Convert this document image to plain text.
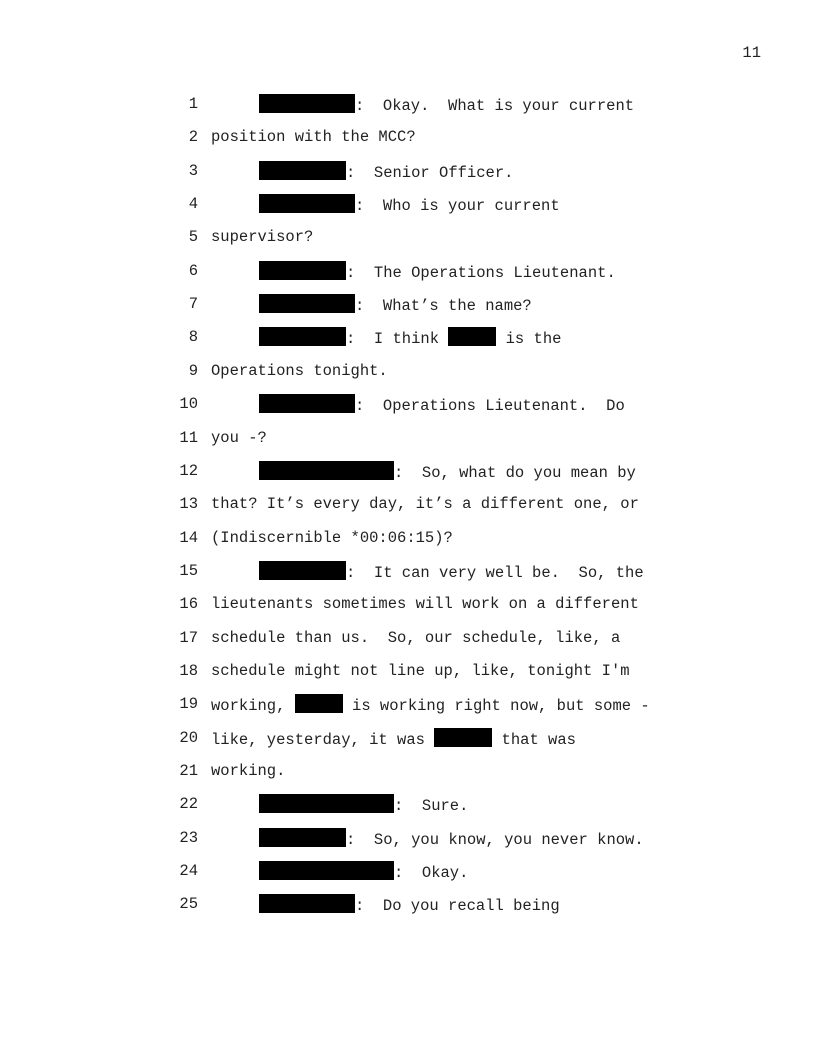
11
1	:  Okay.  What is your current
2 position with the MCC?
3	:  Senior Officer.
4	:  Who is your current
5 supervisor?
6	:  The Operations Lieutenant.
7	:  What’s the name?
8	:  I think	is the
9 Operations tonight.
10	:  Operations Lieutenant.  Do
11 you -?
12	:  So, what do you mean by
13 that? It’s every day, it’s a different one, or
14 (Indiscernible *00:06:15)?
15	:  It can very well be.  So, the
16 lieutenants sometimes will work on a different
17 schedule than us.  So, our schedule, like, a
18 schedule might not line up, like, tonight I'm
19 working,	is working right now, but some -
20 like, yesterday, it was	that was
21 working.
22	:  Sure.
23	:  So, you know, you never know.
24	:  Okay.
25	:  Do you recall being
